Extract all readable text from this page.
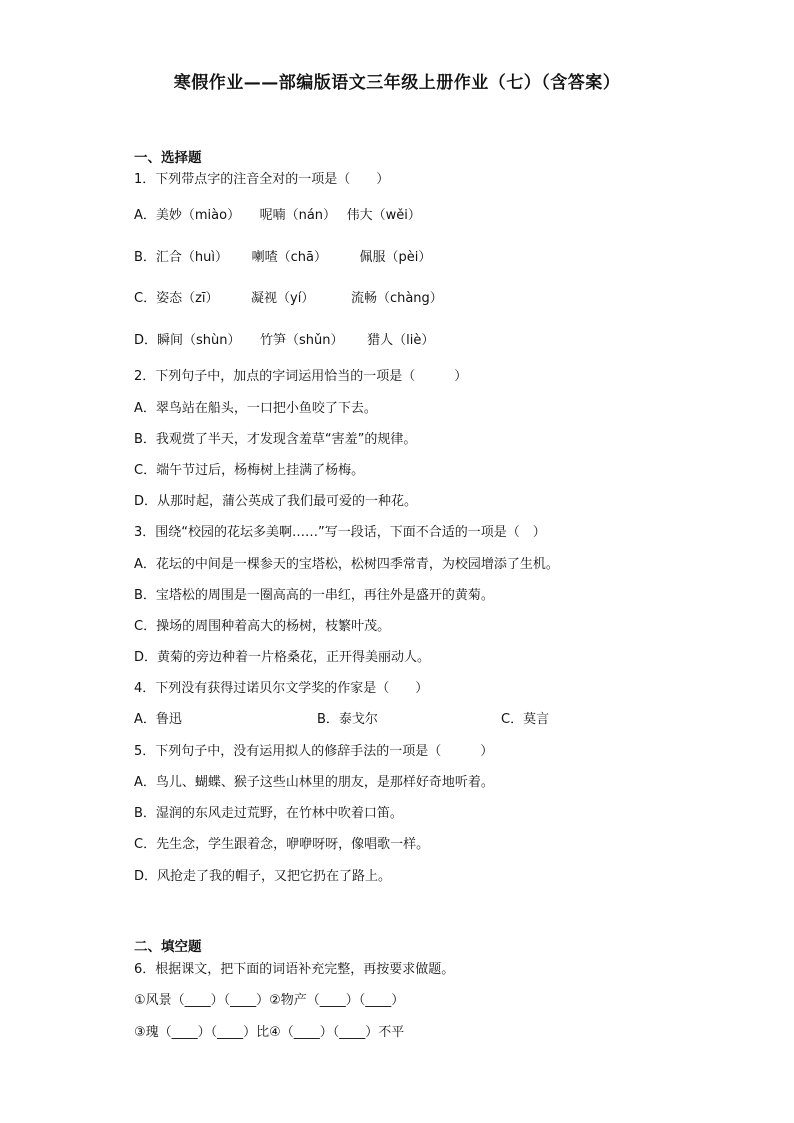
寒假作业——部编版语文三年级上册作业（七）（含答案）
一、选择题
1．下列带点字的注音全对的一项是（　　）
A．美妙（miào）　　呢喃（nán）　 伟大（wěi）
B．汇合（huì）　　 喇喳（chā）　　　佩服（pèi）
C．姿态（zī）　　　凝视（yí）　　　 流畅（chàng）
D．瞬间（shùn）　　竹笋（shǔn）　　 猎人（liè）
2．下列句子中，加点的字词运用恰当的一项是（　　　）
A．翠鸟站在船头，一口把小鱼咬了下去。
B．我观赏了半天，才发现含羞草“害羞”的规律。
C．端午节过后，杨梅树上挂满了杨梅。
D．从那时起，蒲公英成了我们最可爱的一种花。
3．围绕“校园的花坛多美啊……”写一段话，下面不合适的一项是（　）
A．花坛的中间是一棵参天的宝塔松，松树四季常青，为校园增添了生机。
B．宝塔松的周围是一圈高高的一串红，再往外是盛开的黄菊。
C．操场的周围种着高大的杨树，枝繁叶茂。
D．黄菊的旁边种着一片格桑花，正开得美丽动人。
4．下列没有获得过诺贝尔文学奖的作家是（　　）
A．鲁迅	B．泰戈尔	C．莫言
5．下列句子中，没有运用拟人的修辞手法的一项是（　　　）
A．鸟儿、蝴蝶、猴子这些山林里的朋友，是那样好奇地听着。
B．湿润的东风走过荒野，在竹林中吹着口笛。
C．先生念，学生跟着念，咿咿呀呀，像唱歌一样。
D．风抢走了我的帽子，又把它扔在了路上。
二、填空题
6．根据课文，把下面的词语补充完整，再按要求做题。
①风景（____）（____）②物产（____）（____）
③瑰（____）（____）比④（____）（____）不平
